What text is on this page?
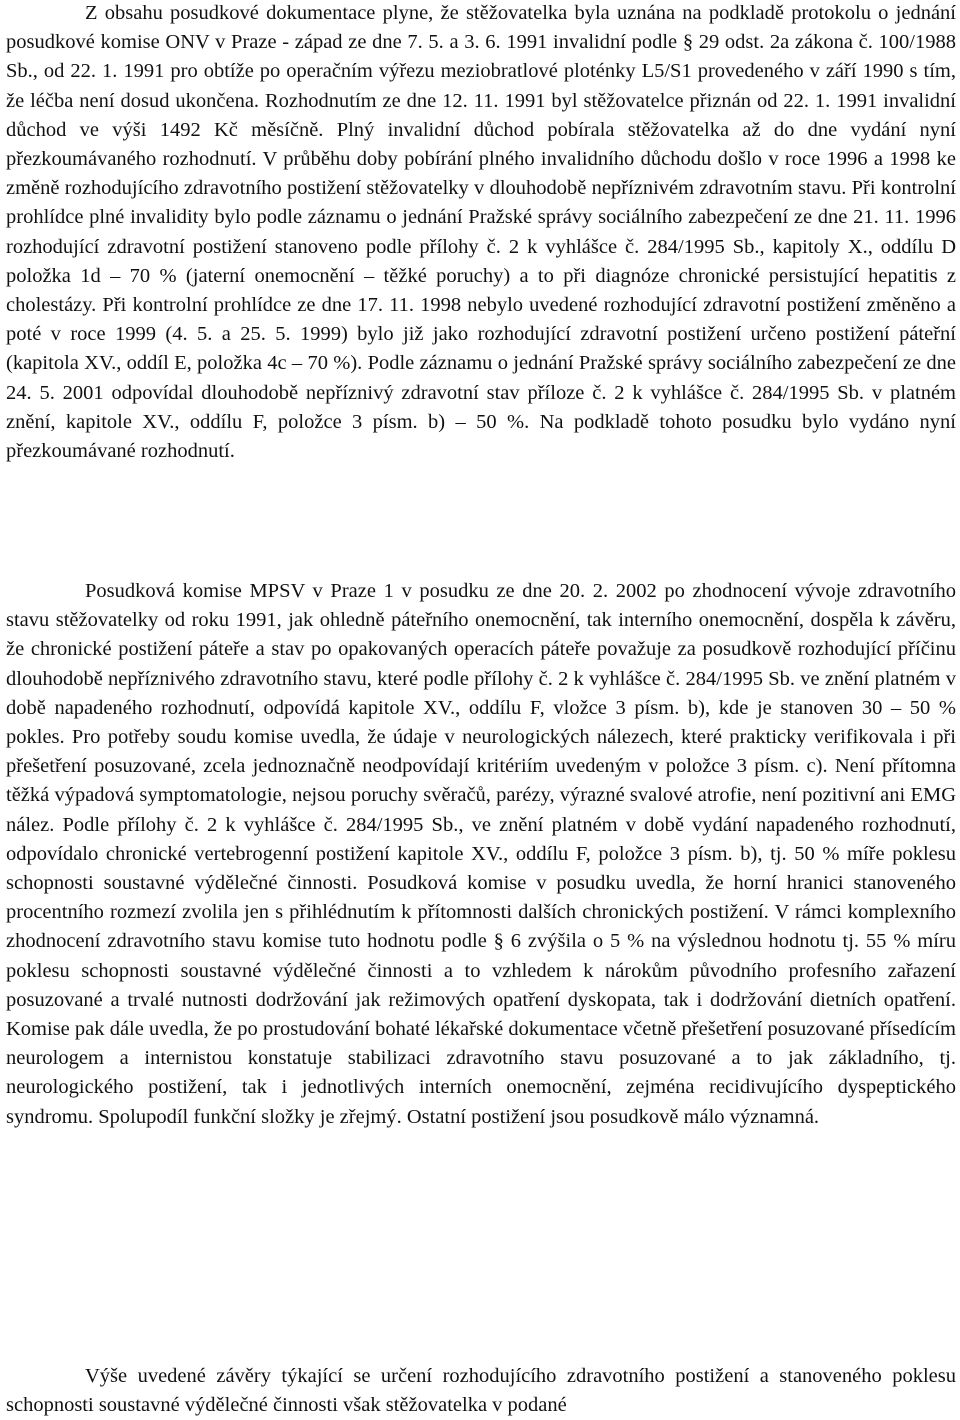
Z obsahu posudkové dokumentace plyne, že stěžovatelka byla uznána na podkladě protokolu o jednání posudkové komise ONV v Praze - západ ze dne 7. 5. a 3. 6. 1991 invalidní podle § 29 odst. 2a zákona č. 100/1988 Sb., od 22. 1. 1991 pro obtíže po operačním výřezu meziobratlové ploténky L5/S1 provedeného v září 1990 s tím, že léčba není dosud ukončena. Rozhodnutím ze dne 12. 11. 1991 byl stěžovatelce přiznán od 22. 1. 1991 invalidní důchod ve výši 1492 Kč měsíčně. Plný invalidní důchod pobírala stěžovatelka až do dne vydání nyní přezkoumávaného rozhodnutí. V průběhu doby pobírání plného invalidního důchodu došlo v roce 1996 a 1998 ke změně rozhodujícího zdravotního postižení stěžovatelky v dlouhodobě nepříznivém zdravotním stavu. Při kontrolní prohlídce plné invalidity bylo podle záznamu o jednání Pražské správy sociálního zabezpečení ze dne 21. 11. 1996 rozhodující zdravotní postižení stanoveno podle přílohy č. 2 k vyhlášce č. 284/1995 Sb., kapitoly X., oddílu D položka 1d – 70 % (jaterní onemocnění – těžké poruchy) a to při diagnóze chronické persistující hepatitis z cholestázy. Při kontrolní prohlídce ze dne 17. 11. 1998 nebylo uvedené rozhodující zdravotní postižení změněno a poté v roce 1999 (4. 5. a 25. 5. 1999) bylo již jako rozhodující zdravotní postižení určeno postižení páteřní (kapitola XV., oddíl E, položka 4c – 70 %). Podle záznamu o jednání Pražské správy sociálního zabezpečení ze dne 24. 5. 2001 odpovídal dlouhodobě nepříznivý zdravotní stav příloze č. 2 k vyhlášce č. 284/1995 Sb. v platném znění, kapitole XV., oddílu F, položce 3 písm. b) – 50 %. Na podkladě tohoto posudku bylo vydáno nyní přezkoumávané rozhodnutí.

Posudková komise MPSV v Praze 1 v posudku ze dne 20. 2. 2002 po zhodnocení vývoje zdravotního stavu stěžovatelky od roku 1991, jak ohledně páteřního onemocnění, tak interního onemocnění, dospěla k závěru, že chronické postižení páteře a stav po opakovaných operacích páteře považuje za posudkově rozhodující příčinu dlouhodobě nepříznivého zdravotního stavu, které podle přílohy č. 2 k vyhlášce č. 284/1995 Sb. ve znění platném v době napadeného rozhodnutí, odpovídá kapitole XV., oddílu F, vložce 3 písm. b), kde je stanoven 30 – 50 % pokles. Pro potřeby soudu komise uvedla, že údaje v neurologických nálezech, které prakticky verifikovala i při přešetření posuzované, zcela jednoznačně neodpovídají kritériím uvedeným v položce 3 písm. c). Není přítomna těžká výpadová symptomatologie, nejsou poruchy svěračů, parézy, výrazné svalové atrofie, není pozitivní ani EMG nález. Podle přílohy č. 2 k vyhlášce č. 284/1995 Sb., ve znění platném v době vydání napadeného rozhodnutí, odpovídalo chronické vertebrogenní postižení kapitole XV., oddílu F, položce 3 písm. b), tj. 50 % míře poklesu schopnosti soustavné výdělečné činnosti. Posudková komise v posudku uvedla, že horní hranici stanoveného procentního rozmezí zvolila jen s přihlédnutím k přítomnosti dalších chronických postižení. V rámci komplexního zhodnocení zdravotního stavu komise tuto hodnotu podle § 6 zvýšila o 5 % na výslednou hodnotu tj. 55 % míru poklesu schopnosti soustavné výdělečné činnosti a to vzhledem k nárokům původního profesního zařazení posuzované a trvalé nutnosti dodržování jak režimových opatření dyskopata, tak i dodržování dietních opatření. Komise pak dále uvedla, že po prostudování bohaté lékařské dokumentace včetně přešetření posuzované přísedícím neurologem a internistou konstatuje stabilizaci zdravotního stavu posuzované a to jak základního, tj. neurologického postižení, tak i jednotlivých interních onemocnění, zejména recidivujícího dyspeptického syndromu. Spolupodíl funkční složky je zřejmý. Ostatní postižení jsou posudkově málo významná.

Výše uvedené závěry týkající se určení rozhodujícího zdravotního postižení a stanoveného poklesu schopnosti soustavné výdělečné činnosti však stěžovatelka v podané
